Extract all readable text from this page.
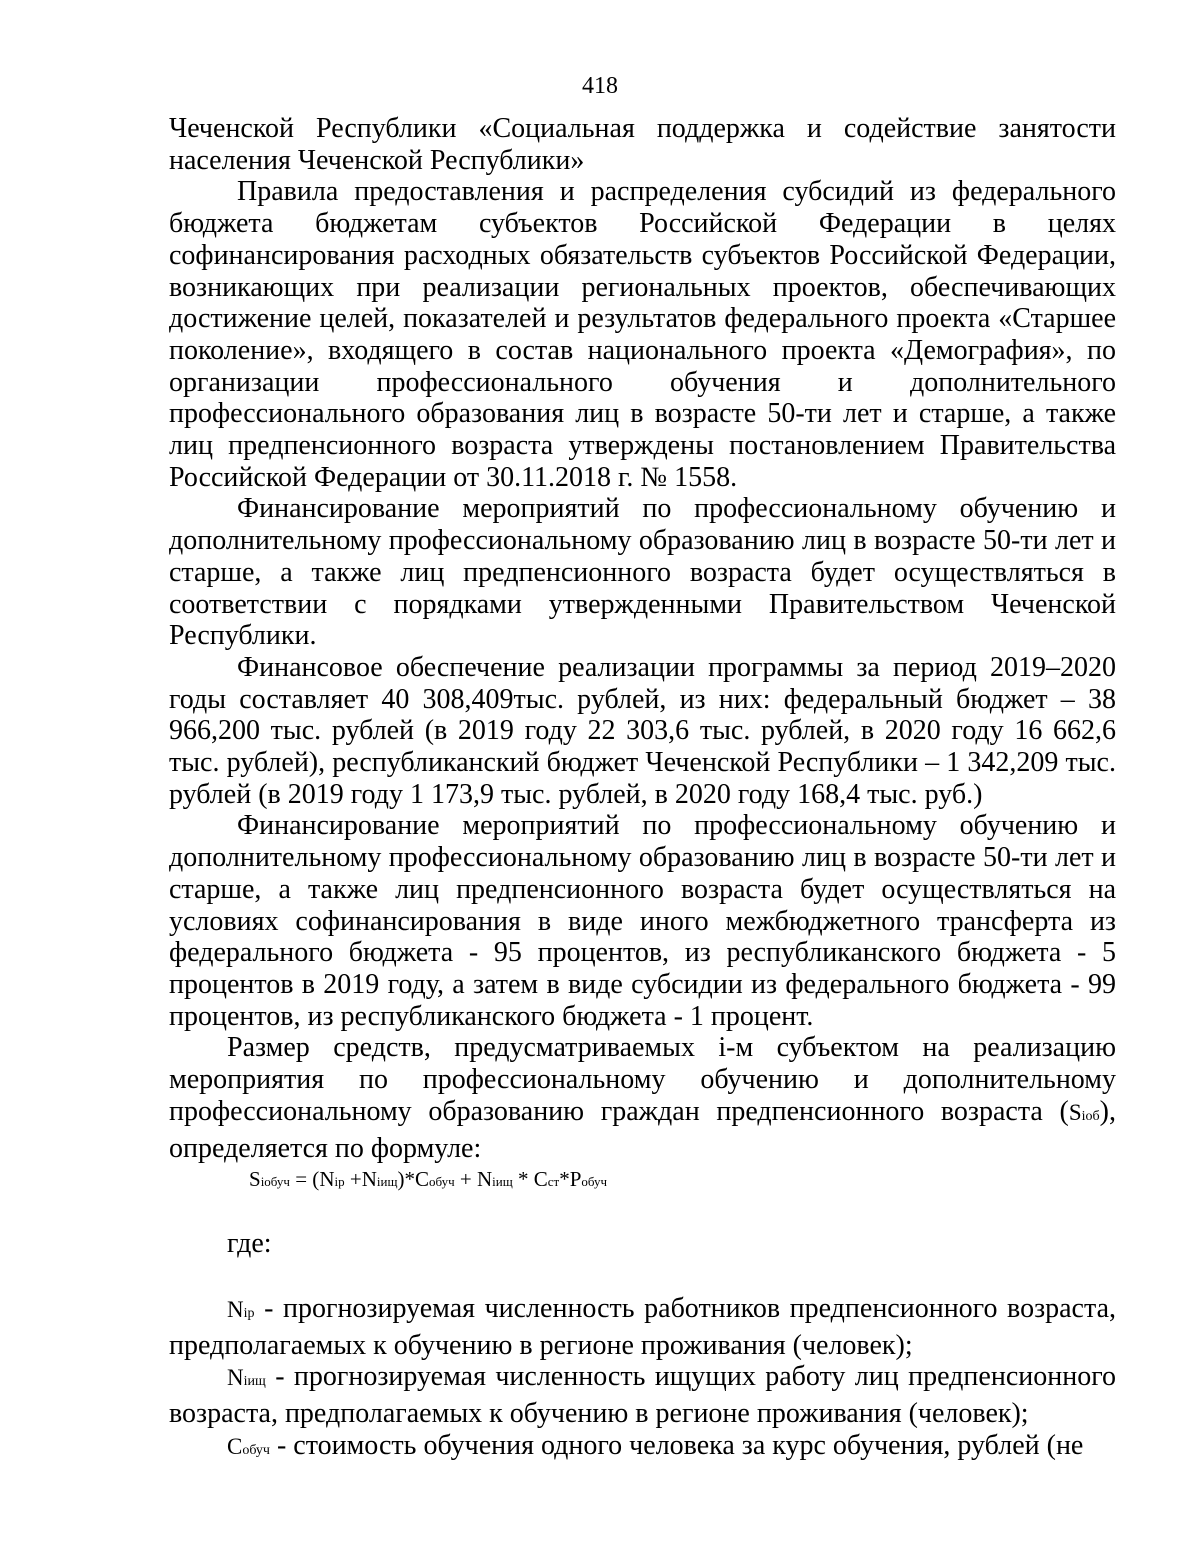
418

Чеченской Республики «Социальная поддержка и содействие занятости населения Чеченской Республики»

Правила предоставления и распределения субсидий из федерального бюджета бюджетам субъектов Российской Федерации в целях софинансирования расходных обязательств субъектов Российской Федерации, возникающих при реализации региональных проектов, обеспечивающих достижение целей, показателей и результатов федерального проекта «Старшее поколение», входящего в состав национального проекта «Демография», по организации профессионального обучения и дополнительного профессионального образования лиц в возрасте 50-ти лет и старше, а также лиц предпенсионного возраста утверждены постановлением Правительства Российской Федерации от 30.11.2018 г. № 1558.

Финансирование мероприятий по профессиональному обучению и дополнительному профессиональному образованию лиц в возрасте 50-ти лет и старше, а также лиц предпенсионного возраста будет осуществляться в соответствии с порядками утвержденными Правительством Чеченской Республики.

Финансовое обеспечение реализации программы за период 2019–2020 годы составляет 40 308,409тыс. рублей, из них: федеральный бюджет – 38 966,200 тыс. рублей (в 2019 году 22 303,6 тыс. рублей, в 2020 году 16 662,6 тыс. рублей), республиканский бюджет Чеченской Республики – 1 342,209 тыс. рублей (в 2019 году 1 173,9 тыс. рублей, в 2020 году 168,4 тыс. руб.)

Финансирование мероприятий по профессиональному обучению и дополнительному профессиональному образованию лиц в возрасте 50-ти лет и старше, а также лиц предпенсионного возраста будет осуществляться на условиях софинансирования в виде иного межбюджетного трансферта из федерального бюджета - 95 процентов, из республиканского бюджета - 5 процентов в 2019 году, а затем в виде субсидии из федерального бюджета - 99 процентов, из республиканского бюджета - 1 процент.

Размер средств, предусматриваемых i-м субъектом на реализацию мероприятия по профессиональному обучению и дополнительному профессиональному образованию граждан предпенсионного возраста (Siоб), определяется по формуле:

Siобуч = (Nip +Niищ)*Cобуч + Niищ * Cст*Pобуч

где:

Nip - прогнозируемая численность работников предпенсионного возраста, предполагаемых к обучению в регионе проживания (человек);

Niищ - прогнозируемая численность ищущих работу лиц предпенсионного возраста, предполагаемых к обучению в регионе проживания (человек);

Cобуч - стоимость обучения одного человека за курс обучения, рублей (не
